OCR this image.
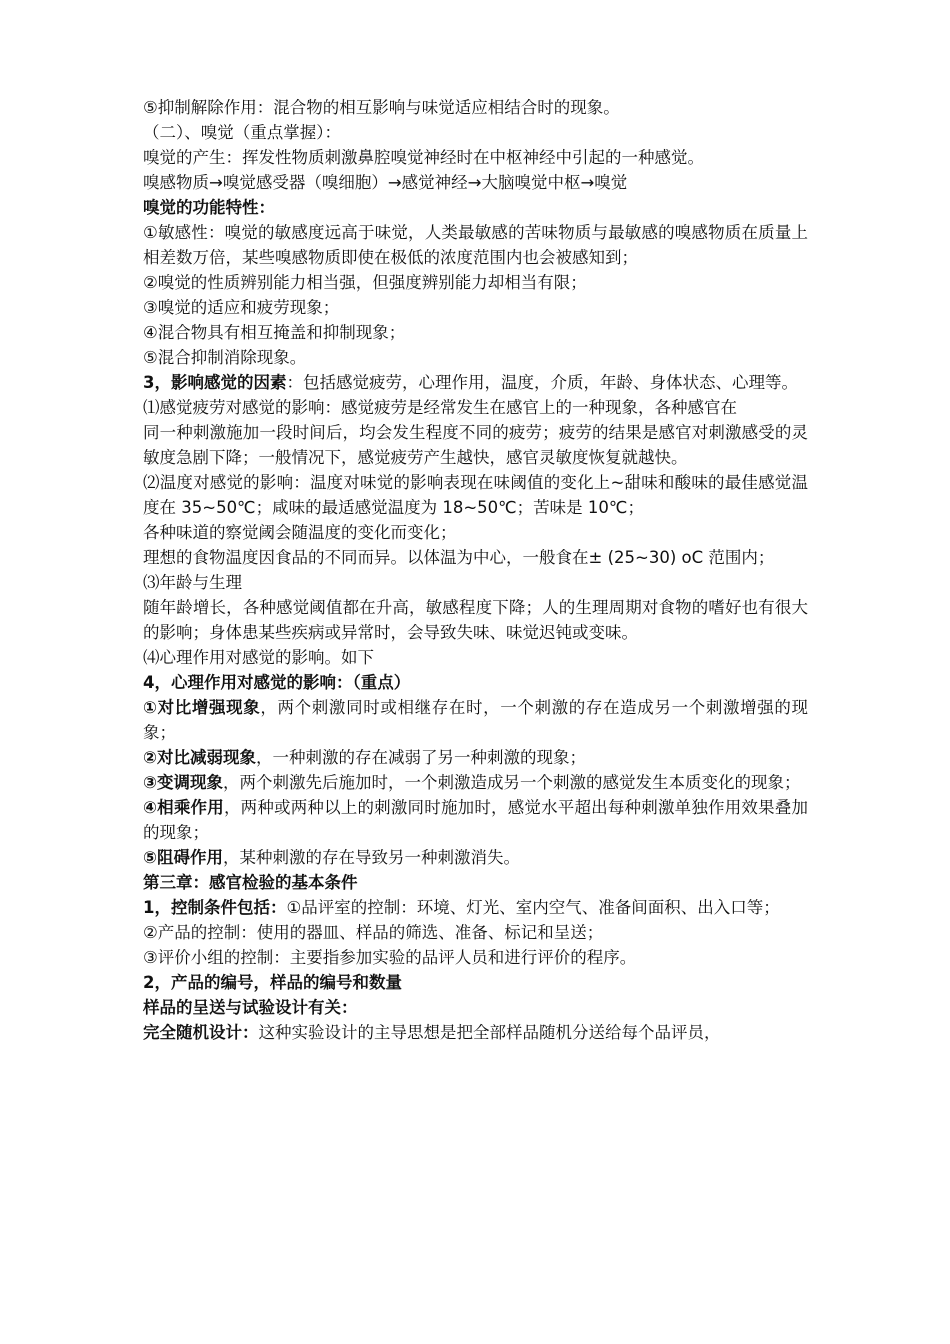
⑤抑制解除作用：混合物的相互影响与味觉适应相结合时的现象。
（二）、嗅觉（重点掌握）：
嗅觉的产生：挥发性物质刺激鼻腔嗅觉神经时在中枢神经中引起的一种感觉。
嗅感物质→嗅觉感受器（嗅细胞）→感觉神经→大脑嗅觉中枢→嗅觉
嗅觉的功能特性：
①敏感性：嗅觉的敏感度远高于味觉，人类最敏感的苦味物质与最敏感的嗅感物质在质量上相差数万倍，某些嗅感物质即使在极低的浓度范围内也会被感知到；
②嗅觉的性质辨别能力相当强，但强度辨别能力却相当有限；
③嗅觉的适应和疲劳现象；
④混合物具有相互掩盖和抑制现象；
⑤混合抑制消除现象。
3，影响感觉的因素：包括感觉疲劳，心理作用，温度，介质，年龄、身体状态、心理等。
⑴感觉疲劳对感觉的影响：感觉疲劳是经常发生在感官上的一种现象，各种感官在
同一种刺激施加一段时间后，均会发生程度不同的疲劳；疲劳的结果是感官对刺激感受的灵敏度急剧下降；一般情况下，感觉疲劳产生越快，感官灵敏度恢复就越快。
⑵温度对感觉的影响：温度对味觉的影响表现在味阈值的变化上~甜味和酸味的最佳感觉温度在 35~50℃；咸味的最适感觉温度为 18~50℃；苦味是 10℃；
各种味道的察觉阈会随温度的变化而变化；
理想的食物温度因食品的不同而异。以体温为中心，一般食在± (25~30) oC 范围内；
⑶年龄与生理
随年龄增长，各种感觉阈值都在升高，敏感程度下降；人的生理周期对食物的嗜好也有很大的影响；身体患某些疾病或异常时，会导致失味、味觉迟钝或变味。
⑷心理作用对感觉的影响。如下
4，心理作用对感觉的影响：（重点）
①对比增强现象，两个刺激同时或相继存在时，一个刺激的存在造成另一个刺激增强的现象；
②对比减弱现象，一种刺激的存在减弱了另一种刺激的现象；
③变调现象，两个刺激先后施加时，一个刺激造成另一个刺激的感觉发生本质变化的现象；
④相乘作用，两种或两种以上的刺激同时施加时，感觉水平超出每种刺激单独作用效果叠加的现象；
⑤阻碍作用，某种刺激的存在导致另一种刺激消失。
第三章：感官检验的基本条件
1，控制条件包括：①品评室的控制：环境、灯光、室内空气、准备间面积、出入口等；
②产品的控制：使用的器皿、样品的筛选、准备、标记和呈送；
③评价小组的控制：主要指参加实验的品评人员和进行评价的程序。
2，产品的编号，样品的编号和数量
样品的呈送与试验设计有关：
完全随机设计：这种实验设计的主导思想是把全部样品随机分送给每个品评员，
